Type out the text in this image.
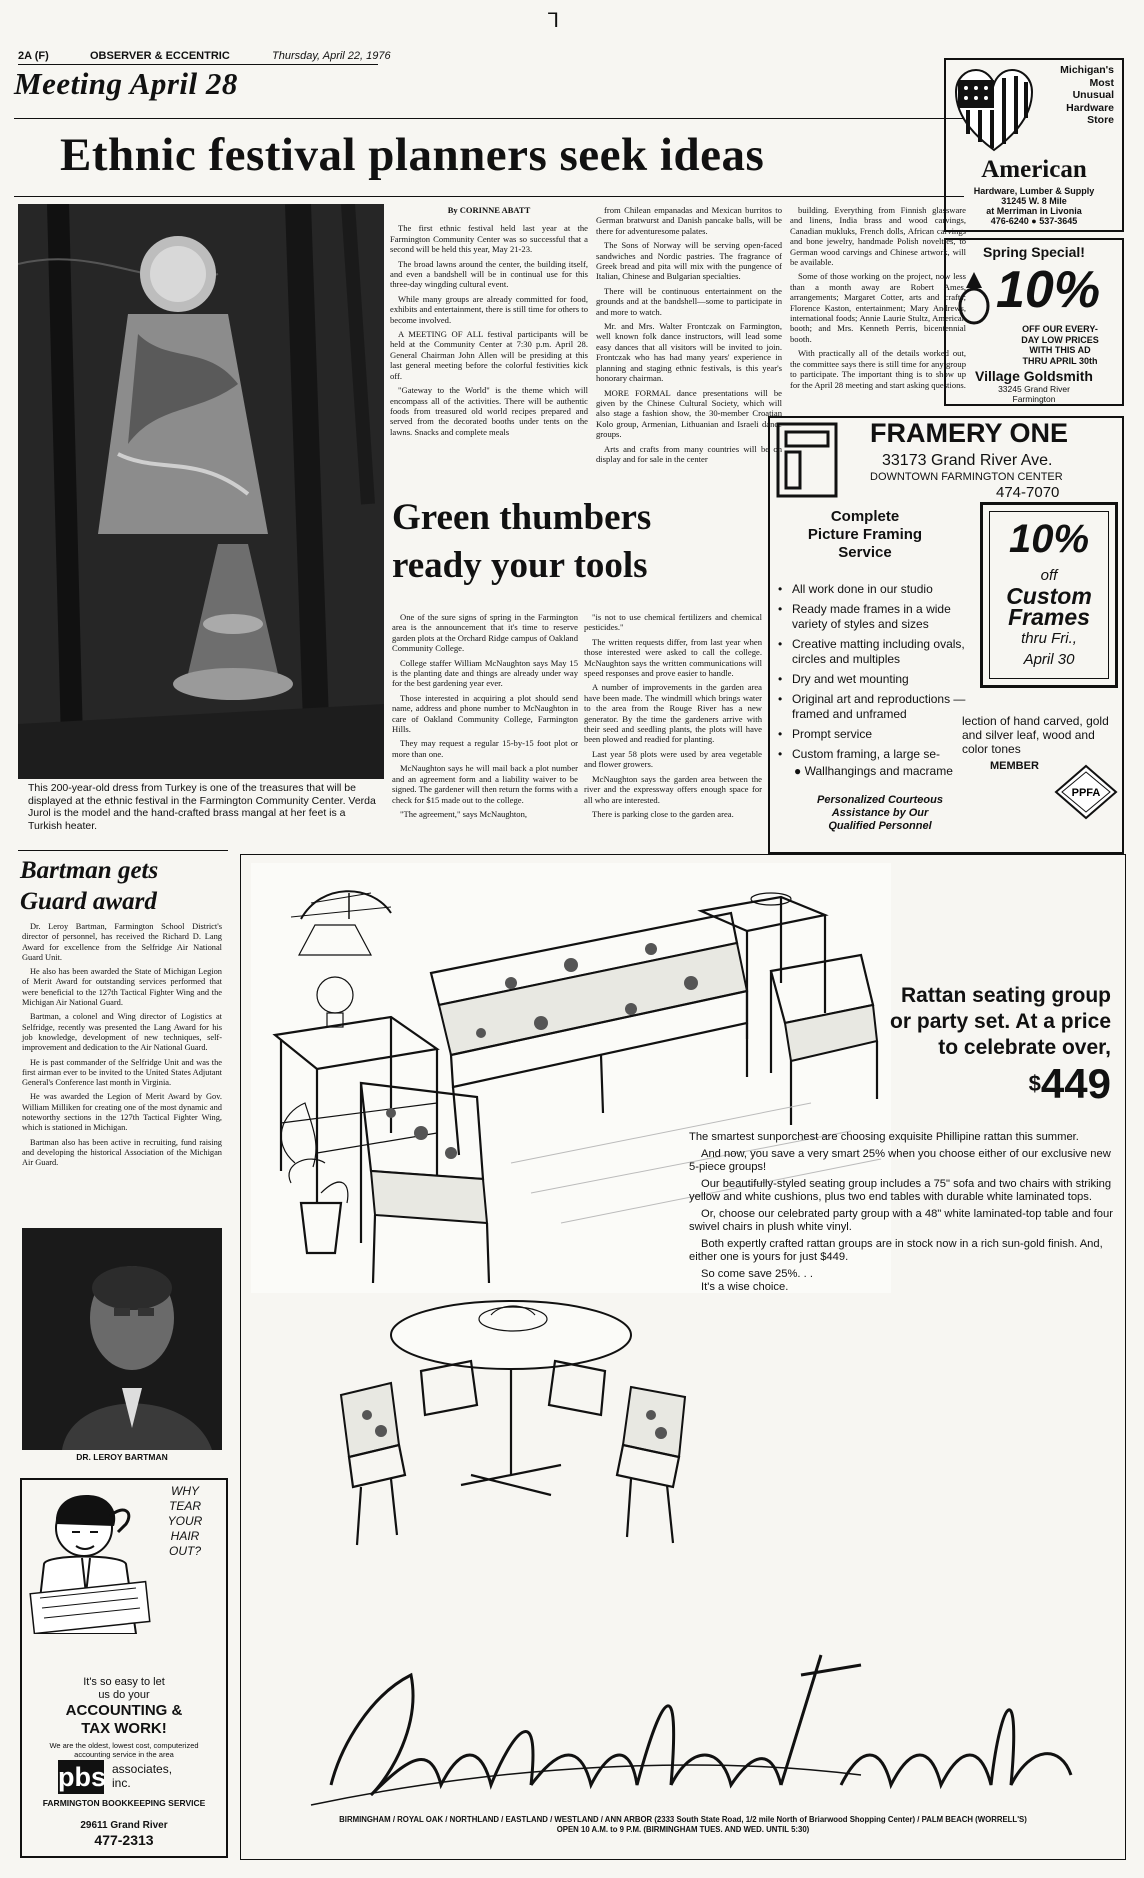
2A (F)	OBSERVER & ECCENTRIC	Thursday, April 22, 1976
⅂
Meeting April 28
Ethnic festival planners seek ideas
This 200-year-old dress from Turkey is one of the treasures that will be displayed at the ethnic festival in the Farmington Community Center. Verda Jurol is the model and the hand-crafted brass mangal at her feet is a Turkish heater.
By CORINNE ABATT

The first ethnic festival held last year at the Farmington Community Center was so successful that a second will be held this year, May 21-23.

The broad lawns around the center, the building itself, and even a bandshell will be in continual use for this three-day wingding cultural event.

While many groups are already committed for food, exhibits and entertainment, there is still time for others to become involved.

A MEETING OF ALL festival participants will be held at the Community Center at 7:30 p.m. April 28. General Chairman John Allen will be presiding at this last general meeting before the colorful festivities kick off.

"Gateway to the World" is the theme which will encompass all of the activities. There will be authentic foods from treasured old world recipes prepared and served from the decorated booths under tents on the lawns. Snacks and complete meals

from Chilean empanadas and Mexican burritos to German bratwurst and Danish pancake balls, will be there for adventuresome palates.

The Sons of Norway will be serving open-faced sandwiches and Nordic pastries. The fragrance of Greek bread and pita will mix with the pungence of Italian, Chinese and Bulgarian specialties.

There will be continuous entertainment on the grounds and at the bandshell—some to participate in and more to watch.

Mr. and Mrs. Walter Frontczak on Farmington, well known folk dance instructors, will lead some easy dances that all visitors will be invited to join. Frontczak who has had many years' experience in planning and staging ethnic festivals, is this year's honorary chairman.

MORE FORMAL dance presentations will be given by the Chinese Cultural Society, which will also stage a fashion show, the 30-member Croatian Kolo group, Armenian, Lithuanian and Israeli dance groups.

Arts and crafts from many countries will be on display and for sale in the center

building. Everything from Finnish glassware and linens, India brass and wood carvings, Canadian mukluks, French dolls, African carvings and bone jewelry, handmade Polish novelties, to German wood carvings and Chinese artwork, will be available.

Some of those working on the project, now less than a month away are Robert Ames, arrangements; Margaret Cotter, arts and crafts; Florence Kaston, entertainment; Mary Andrews, international foods; Annie Laurie Stultz, American booth; and Mrs. Kenneth Perris, bicentennial booth.

With practically all of the details worked out, the committee says there is still time for any group to participate. The important thing is to show up for the April 28 meeting and start asking questions.

Green thumbers
ready your tools

One of the sure signs of spring in the Farmington area is the announcement that it's time to reserve garden plots at the Orchard Ridge campus of Oakland Community College.

College staffer William McNaughton says May 15 is the planting date and things are already under way for the best gardening year ever.

Those interested in acquiring a plot should send name, address and phone number to McNaughton in care of Oakland Community College, Farmington Hills.

They may request a regular 15-by-15 foot plot or more than one.

McNaughton says he will mail back a plot number and an agreement form and a liability waiver to be signed. The gardener will then return the forms with a check for $15 made out to the college.

"The agreement," says McNaughton,

"is not to use chemical fertilizers and chemical pesticides."

The written requests differ, from last year when those interested were asked to call the college. McNaughton says the written communications will speed responses and prove easier to handle.

A number of improvements in the garden area have been made. The windmill which brings water to the area from the Rouge River has a new generator. By the time the gardeners arrive with their seed and seedling plants, the plots will have been plowed and readied for planting.

Last year 58 plots were used by area vegetable and flower growers.

McNaughton says the garden area between the river and the expressway offers enough space for all who are interested.

There is parking close to the garden area.

Michigan's
Most
Unusual
Hardware
Store
American
Hardware, Lumber & Supply
31245 W. 8 Mile
at Merriman in Livonia
476-6240 ● 537-3645
Spring Special!
10%
OFF OUR EVERY-
DAY LOW PRICES
WITH THIS AD
THRU APRIL 30th
Village Goldsmith
33245 Grand River
Farmington
FRAMERY ONE
33173 Grand River Ave.
DOWNTOWN FARMINGTON CENTER
474-7070
Complete
Picture Framing
Service	10%
off
Custom
Frames
thru Fri.,
April 30
• All work done in our studio
• Ready made frames in a wide variety of styles and sizes
• Creative matting including ovals, circles and multiples
• Dry and wet mounting
• Original art and reproductions — framed and unframed
• Prompt service
• Custom framing, a large se-
lection of hand carved, gold and silver leaf, wood and color tones
● Wallhangings and macrame	MEMBER
PPFA
Personalized Courteous
Assistance by Our
Qualified Personnel
Bartman gets
Guard award

Dr. Leroy Bartman, Farmington School District's director of personnel, has received the Richard D. Lang Award for excellence from the Selfridge Air National Guard Unit.

He also has been awarded the State of Michigan Legion of Merit Award for outstanding services performed that were beneficial to the 127th Tactical Fighter Wing and the Michigan Air National Guard.

Bartman, a colonel and Wing director of Logistics at Selfridge, recently was presented the Lang Award for his job knowledge, development of new techniques, self-improvement and dedication to the Air National Guard.

He is past commander of the Selfridge Unit and was the first airman ever to be invited to the United States Adjutant General's Conference last month in Virginia.

He was awarded the Legion of Merit Award by Gov. William Milliken for creating one of the most dynamic and noteworthy sections in the 127th Tactical Fighter Wing, which is stationed in Michigan.

Bartman also has been active in recruiting, fund raising and developing the historical Association of the Michigan Air Guard.

DR. LEROY BARTMAN
WHY
TEAR
YOUR
HAIR
OUT?
It's so easy to let
us do your
ACCOUNTING &
TAX WORK!
We are the oldest, lowest cost, computerized accounting service in the area
pbs associates,
inc.
FARMINGTON BOOKKEEPING SERVICE
29611 Grand River
477-2313
Rattan seating group
or party set. At a price
to celebrate over,
$449
The smartest sunporchest are choosing exquisite Phillipine rattan this summer.
And now, you save a very smart 25% when you choose either of our exclusive new 5-piece groups!
Our beautifully-styled seating group includes a 75" sofa and two chairs with striking yellow and white cushions, plus two end tables with durable white laminated tops.
Or, choose our celebrated party group with a 48" white laminated-top table and four swivel chairs in plush white vinyl.
Both expertly crafted rattan groups are in stock now in a rich sun-gold finish. And, either one is yours for just $449.
So come save 25%. . .
It's a wise choice.
Englander Triangle
BIRMINGHAM / ROYAL OAK / NORTHLAND / EASTLAND / WESTLAND / ANN ARBOR (2333 South State Road, 1/2 mile North of Briarwood Shopping Center) / PALM BEACH (WORRELL'S)
OPEN 10 A.M. to 9 P.M. (BIRMINGHAM TUES. AND WED. UNTIL 5:30)
